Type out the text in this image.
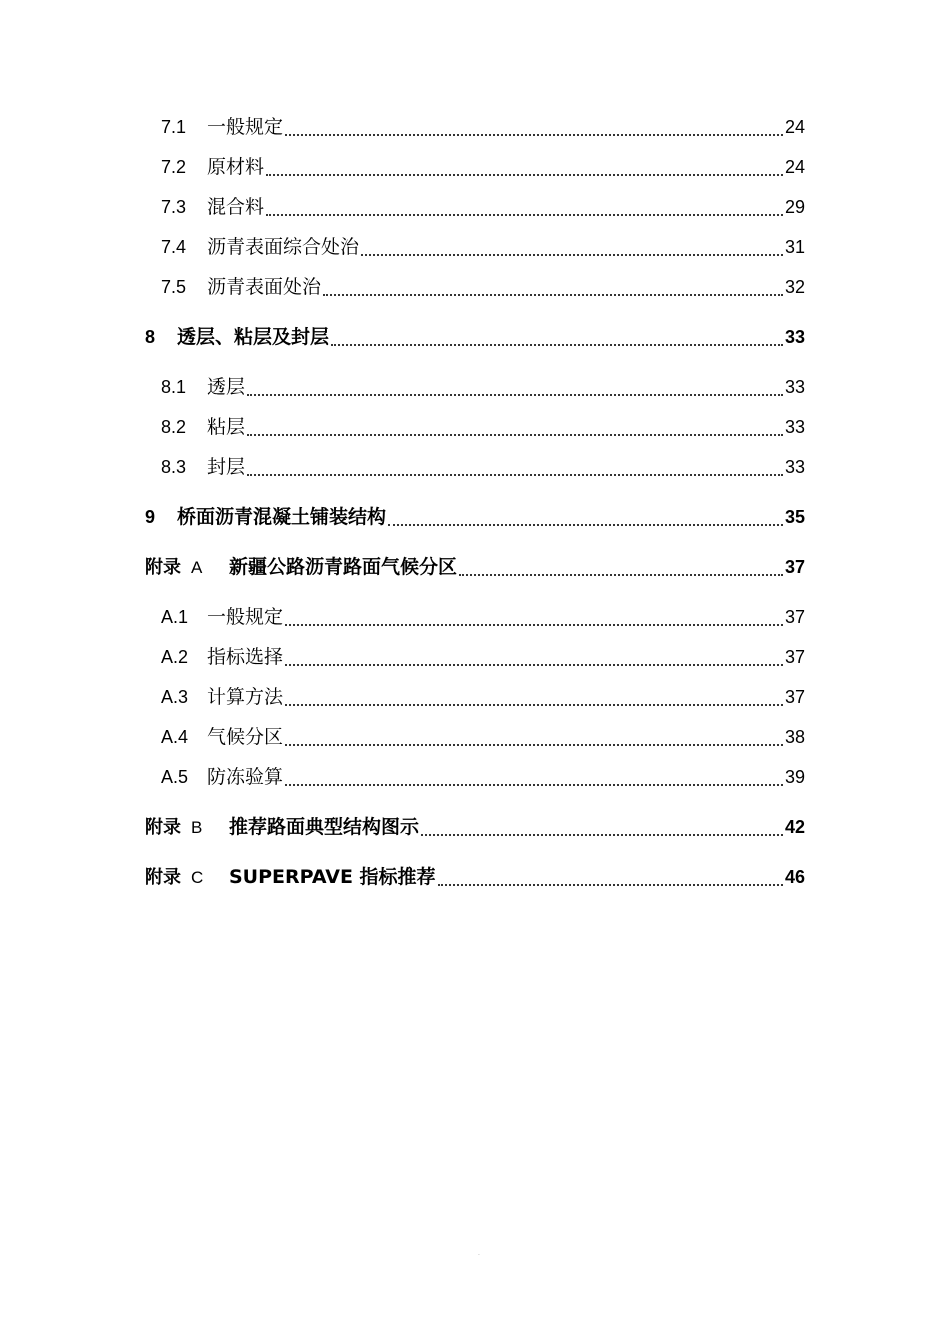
7.1	一般规定	24
7.2	原材料	24
7.3	混合料	29
7.4	沥青表面综合处治	31
7.5	沥青表面处治	32
8	透层、粘层及封层	33
8.1	透层	33
8.2	粘层	33
8.3	封层	33
9	桥面沥青混凝土铺装结构	35
附录 A	新疆公路沥青路面气候分区	37
A.1 一般规定	37
A.2 指标选择	37
A.3 计算方法	37
A.4 气候分区	38
A.5 防冻验算	39
附录 B	推荐路面典型结构图示	42
附录 C	SUPERPAVE 指标推荐	46
.
